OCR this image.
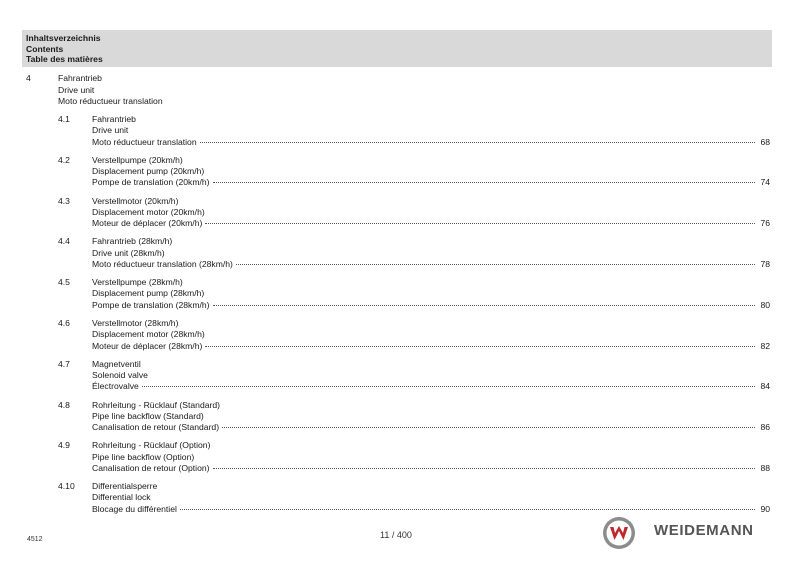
Inhaltsverzeichnis
Contents
Table des matières
4	Fahrantrieb
Drive unit
Moto réductueur translation
4.1	Fahrantrieb
Drive unit
Moto réductueur translation	68
4.2	Verstellpumpe (20km/h)
Displacement pump (20km/h)
Pompe de translation (20km/h)	74
4.3	Verstellmotor (20km/h)
Displacement motor (20km/h)
Moteur de déplacer (20km/h)	76
4.4	Fahrantrieb (28km/h)
Drive unit (28km/h)
Moto réductueur translation (28km/h)	78
4.5	Verstellpumpe (28km/h)
Displacement pump (28km/h)
Pompe de translation (28km/h)	80
4.6	Verstellmotor (28km/h)
Displacement motor (28km/h)
Moteur de déplacer (28km/h)	82
4.7	Magnetventil
Solenoid valve
Électrovalve	84
4.8	Rohrleitung - Rücklauf (Standard)
Pipe line backflow (Standard)
Canalisation de retour (Standard)	86
4.9	Rohrleitung - Rücklauf (Option)
Pipe line backflow (Option)
Canalisation de retour (Option)	88
4.10 Differentialsperre
Differential lock
Blocage du différentiel	90
4512	11 / 400	WEIDEMANN
